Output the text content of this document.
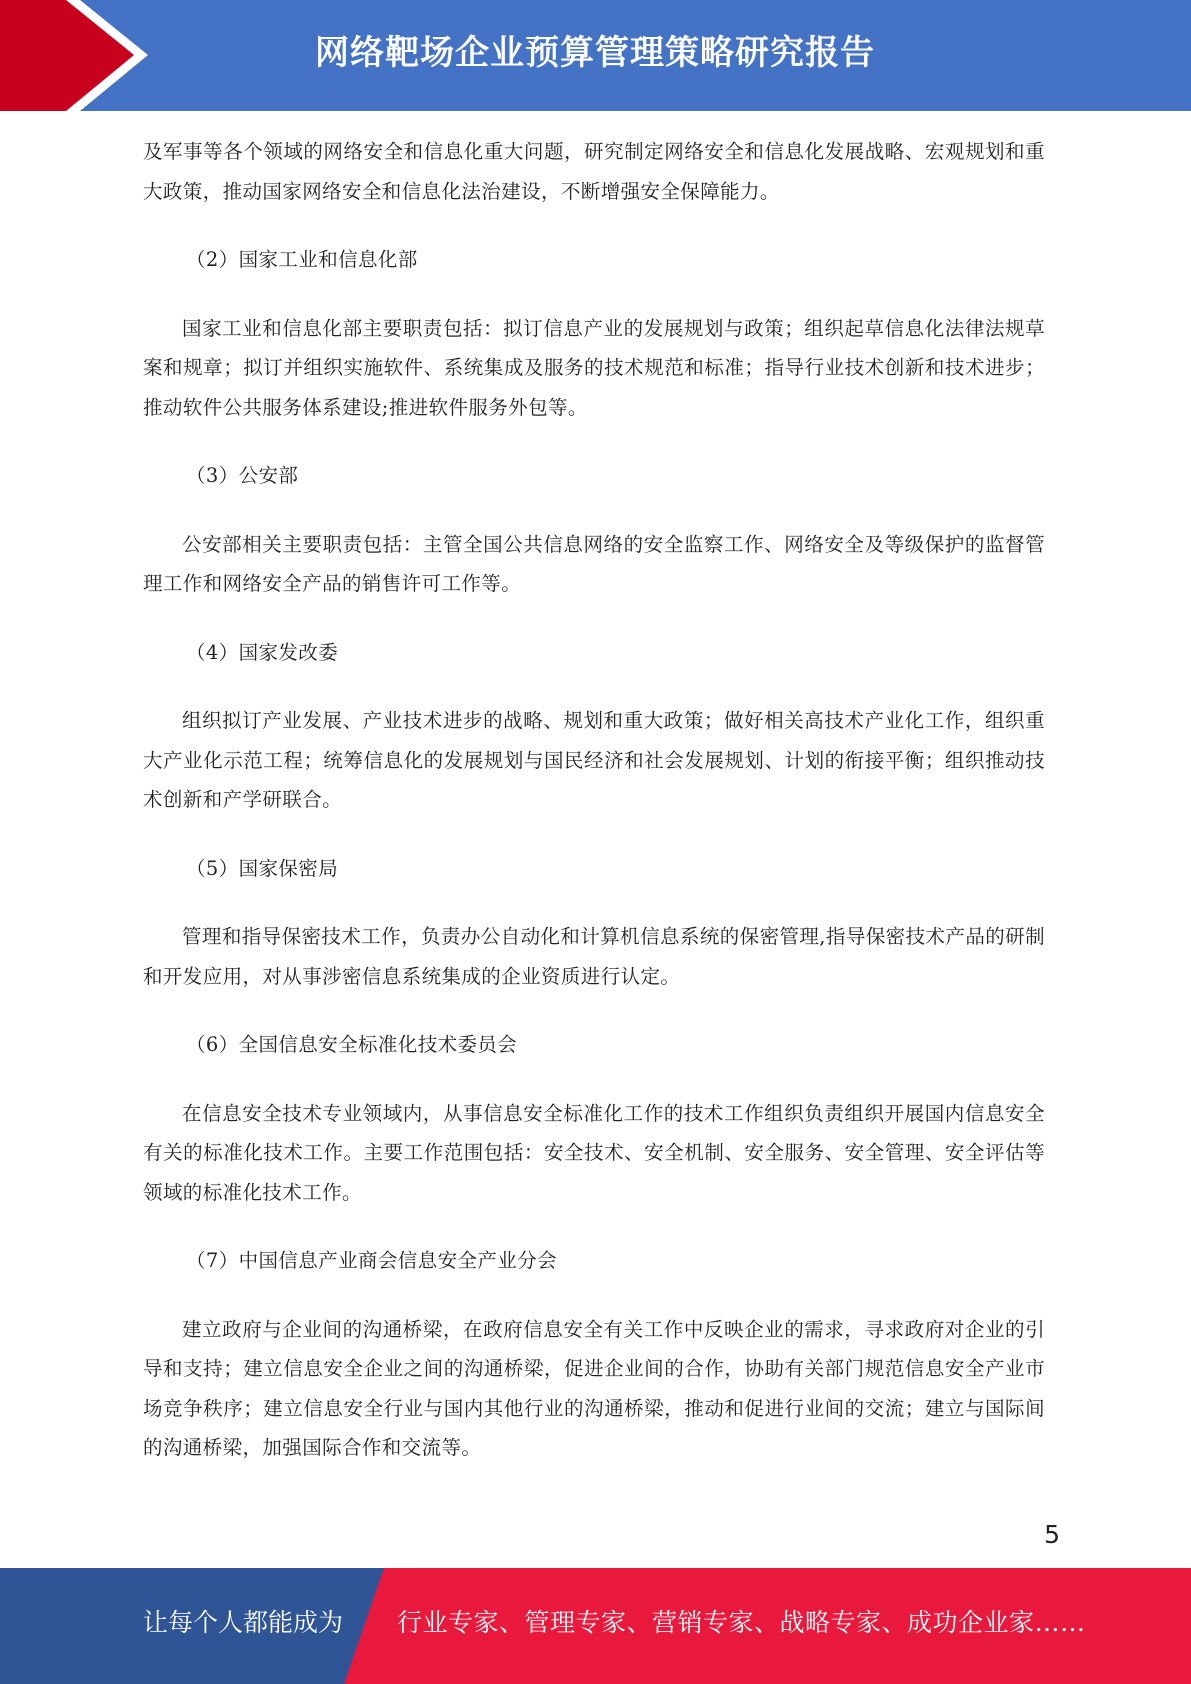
网络靶场企业预算管理策略研究报告

及军事等各个领域的网络安全和信息化重大问题，研究制定网络安全和信息化发展战略、宏观规划和重大政策，推动国家网络安全和信息化法治建设，不断增强安全保障能力。

（2）国家工业和信息化部

国家工业和信息化部主要职责包括：拟订信息产业的发展规划与政策；组织起草信息化法律法规草案和规章；拟订并组织实施软件、系统集成及服务的技术规范和标准；指导行业技术创新和技术进步；推动软件公共服务体系建设;推进软件服务外包等。

（3）公安部

公安部相关主要职责包括：主管全国公共信息网络的安全监察工作、网络安全及等级保护的监督管理工作和网络安全产品的销售许可工作等。

（4）国家发改委

组织拟订产业发展、产业技术进步的战略、规划和重大政策；做好相关高技术产业化工作，组织重大产业化示范工程；统筹信息化的发展规划与国民经济和社会发展规划、计划的衔接平衡；组织推动技术创新和产学研联合。

（5）国家保密局

管理和指导保密技术工作，负责办公自动化和计算机信息系统的保密管理,指导保密技术产品的研制和开发应用，对从事涉密信息系统集成的企业资质进行认定。

（6）全国信息安全标准化技术委员会

在信息安全技术专业领域内，从事信息安全标准化工作的技术工作组织负责组织开展国内信息安全有关的标准化技术工作。主要工作范围包括：安全技术、安全机制、安全服务、安全管理、安全评估等领域的标准化技术工作。

（7）中国信息产业商会信息安全产业分会

建立政府与企业间的沟通桥梁，在政府信息安全有关工作中反映企业的需求，寻求政府对企业的引导和支持；建立信息安全企业之间的沟通桥梁，促进企业间的合作，协助有关部门规范信息安全产业市场竞争秩序；建立信息安全行业与国内其他行业的沟通桥梁，推动和促进行业间的交流；建立与国际间的沟通桥梁，加强国际合作和交流等。

5
让每个人都能成为 行业专家、管理专家、营销专家、战略专家、成功企业家……
